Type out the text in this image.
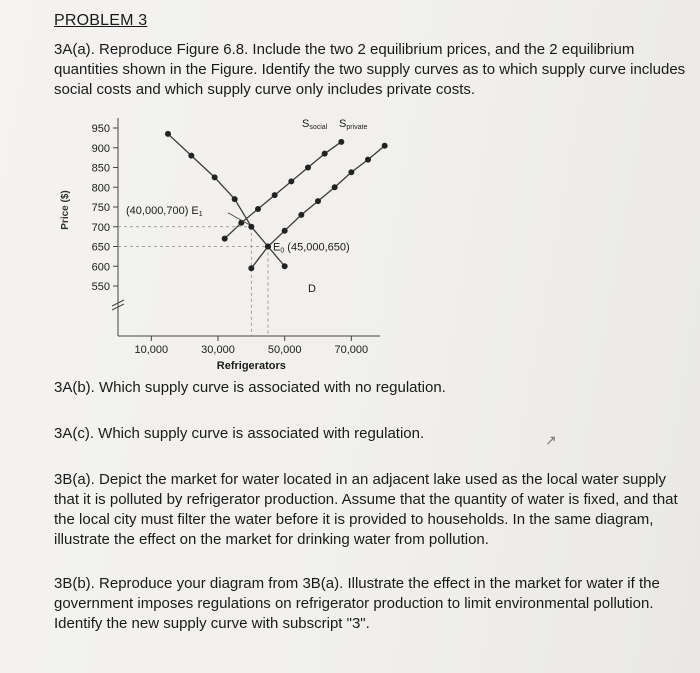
PROBLEM 3
3A(a). Reproduce Figure 6.8. Include the two 2 equilibrium prices, and the 2 equilibrium quantities shown in the Figure. Identify the two supply curves as to which supply curve includes social costs and which supply curve only includes private costs.
550
600
650
700
750
800
850
900
950
10,000	30,000	50,000	70,000
Price ($)
Refrigerators
Ssocial Sprivate
D
(40,000,700) E1
E0 (45,000,650)
3A(b). Which supply curve is associated with no regulation.
3A(c). Which supply curve is associated with regulation.	↗
3B(a). Depict the market for water located in an adjacent lake used as the local water supply that it is polluted by refrigerator production. Assume that the quantity of water is fixed, and that the local city must filter the water before it is provided to households. In the same diagram, illustrate the effect on the market for drinking water from pollution.
3B(b). Reproduce your diagram from 3B(a). Illustrate the effect in the market for water if the government imposes regulations on refrigerator production to limit environmental pollution. Identify the new supply curve with subscript "3".
